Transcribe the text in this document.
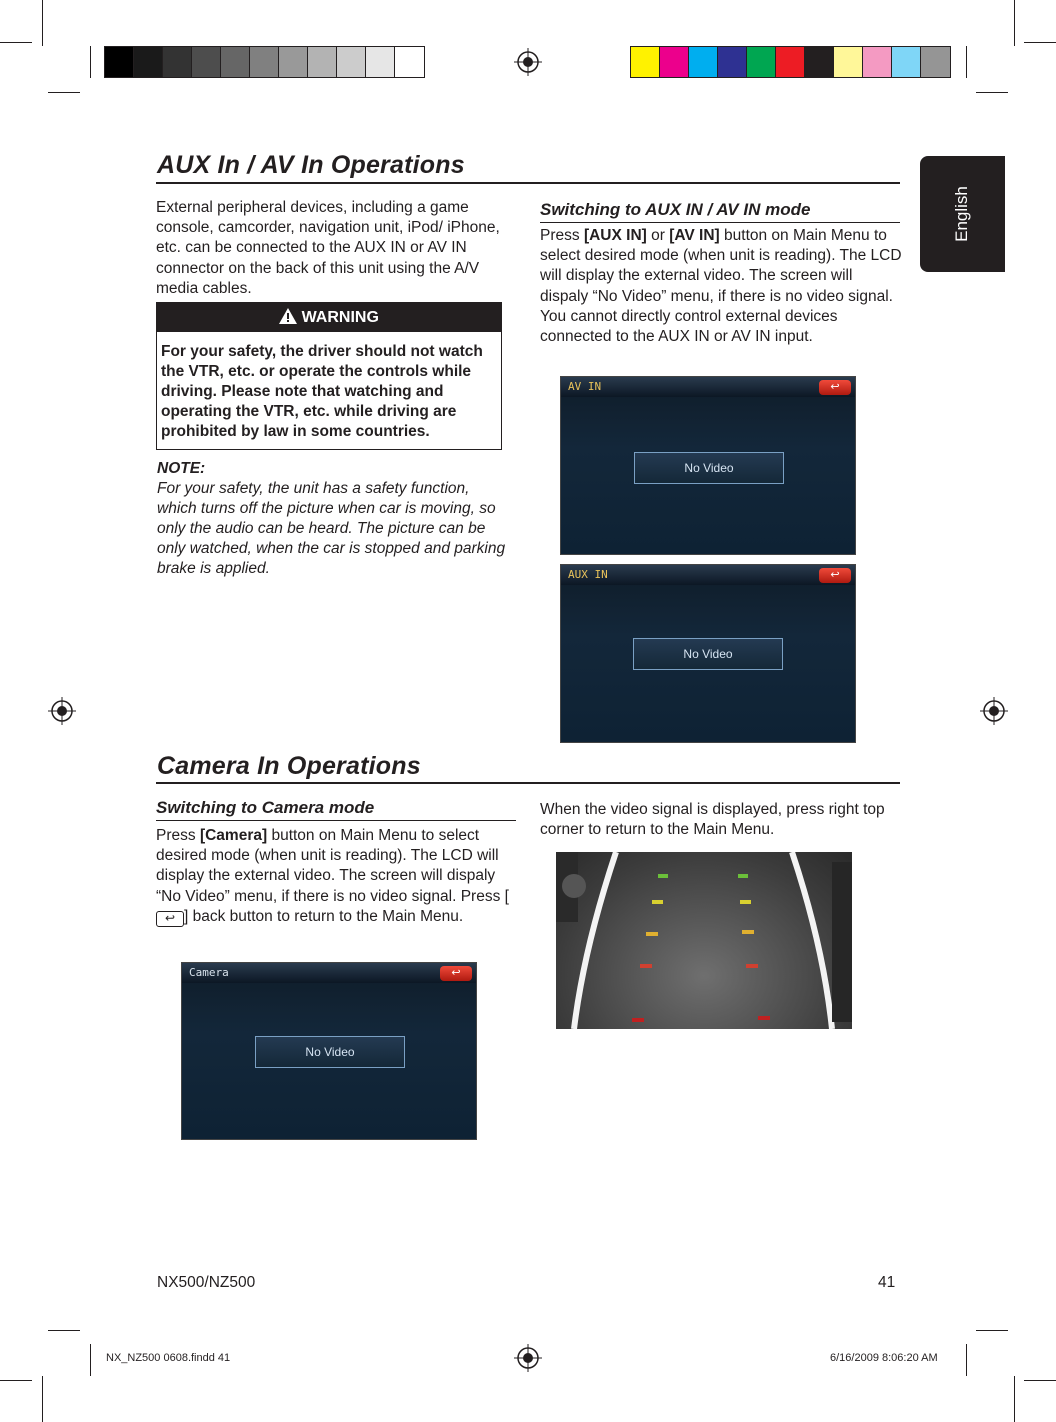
English
AUX In / AV In Operations
External peripheral devices, including a game console, camcorder, navigation unit, iPod/ iPhone, etc. can be connected to the AUX IN or AV IN connector on the back of this unit using the A/V media cables.
WARNING
For your safety, the driver should not watch the VTR, etc. or operate the controls while driving. Please note that watching and operating the VTR, etc. while driving are prohibited by law in some countries.
NOTE:
For your safety, the unit has a safety function, which turns off the picture when car is moving, so only the audio can be heard. The picture can be only watched, when the car is stopped and parking brake is applied.
Switching to AUX IN / AV IN mode
Press [AUX IN] or [AV IN] button on Main Menu to select desired mode (when unit is reading). The LCD will display the external video. The screen will dispaly “No Video” menu, if there is no video signal. You cannot directly control external devices connected to the AUX IN or AV IN input.
AV IN	↩
No Video
AUX IN	↩
No Video
Camera In Operations
Switching to Camera mode
Press [Camera] button on Main Menu to select desired mode (when unit is reading). The LCD will display the external video. The screen will dispaly “No Video” menu, if there is no video signal. Press [↩ ] back button to return to the Main Menu.
When the video signal is displayed, press right top corner to return to the Main Menu.
Camera	↩
No Video
NX500/NZ500	41
NX_NZ500 0608.findd 41	6/16/2009 8:06:20 AM
